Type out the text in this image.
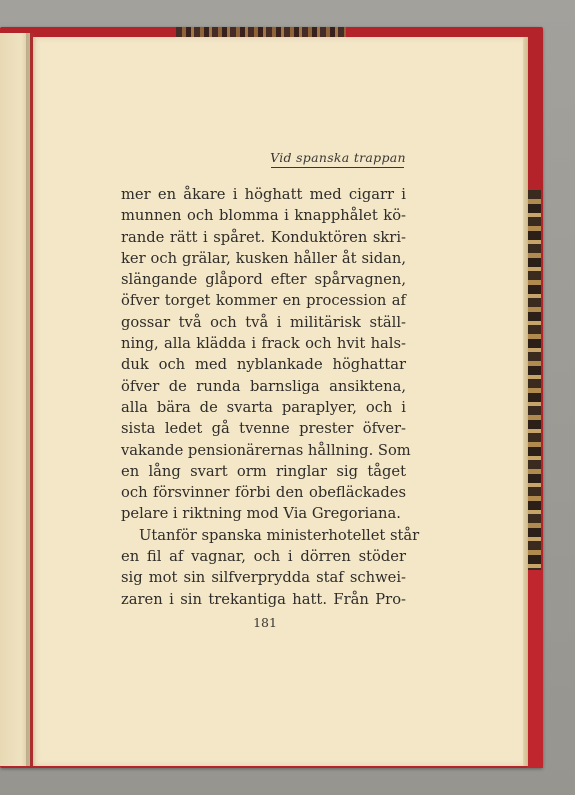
Vid spanska trappan
mer en åkare i höghatt med cigarr i
munnen och blomma i knapphålet kö-
rande rätt i spåret. Konduktören skri-
ker och grälar, kusken håller åt sidan,
slängande glåpord efter spårvagnen,
öfver torget kommer en procession af
gossar två och två i militärisk ställ-
ning, alla klädda i frack och hvit hals-
duk och med nyblankade höghattar
öfver de runda barnsliga ansiktena,
alla bära de svarta paraplyer, och i
sista ledet gå tvenne prester öfver-
vakande pensionärernas hållning. Som
en lång svart orm ringlar sig tåget
och försvinner förbi den obefläckades
pelare i riktning mod Via Gregoriana.
Utanför spanska ministerhotellet står
en fil af vagnar, och i dörren stöder
sig mot sin silfverprydda staf schwei-
zaren i sin trekantiga hatt. Från Pro-
181
